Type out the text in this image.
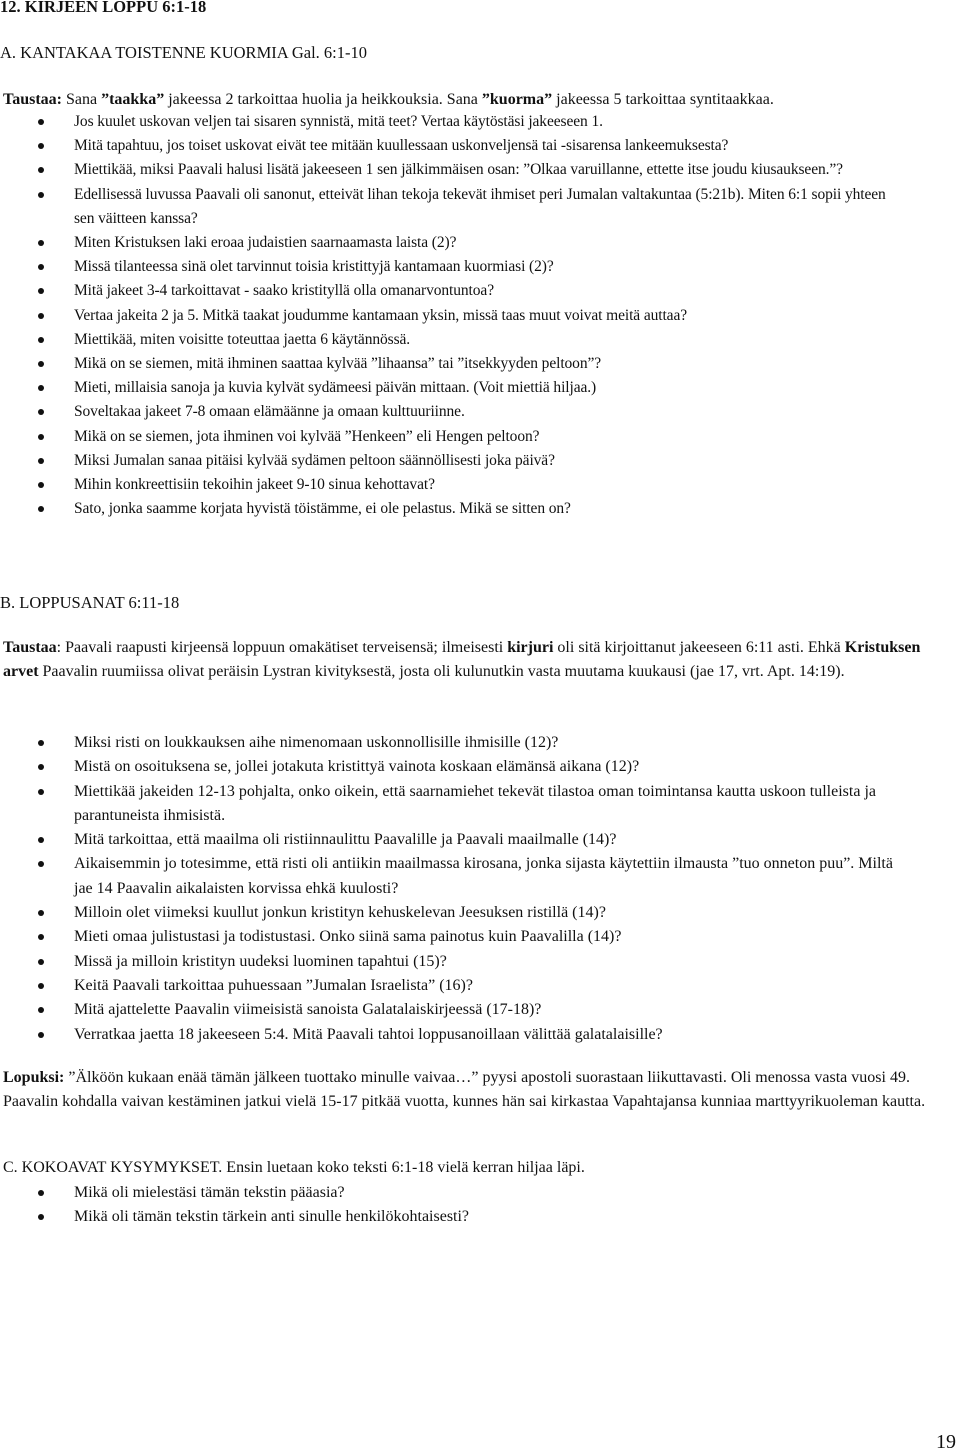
12. KIRJEEN LOPPU 6:1-18
A. KANTAKAA TOISTENNE KUORMIA Gal. 6:1-10

Taustaa: Sana ”taakka” jakeessa 2 tarkoittaa huolia ja heikkouksia. Sana ”kuorma” jakeessa 5 tarkoittaa syntitaakkaa.

Jos kuulet uskovan veljen tai sisaren synnistä, mitä teet? Vertaa käytöstäsi jakeeseen 1.
Mitä tapahtuu, jos toiset uskovat eivät tee mitään kuullessaan uskonveljensä tai -sisarensa lankeemuksesta?
Miettikää, miksi Paavali halusi lisätä jakeeseen 1 sen jälkimmäisen osan: ”Olkaa varuillanne, ettette itse joudu kiusaukseen.”?
Edellisessä luvussa Paavali oli sanonut, etteivät lihan tekoja tekevät ihmiset peri Jumalan valtakuntaa (5:21b). Miten 6:1 sopii yhteen sen väitteen kanssa?
Miten Kristuksen laki eroaa judaistien saarnaamasta laista (2)?
Missä tilanteessa sinä olet tarvinnut toisia kristittyjä kantamaan kuormiasi (2)?
Mitä jakeet 3-4 tarkoittavat - saako kristityllä olla omanarvontuntoa?
Vertaa jakeita 2 ja 5. Mitkä taakat joudumme kantamaan yksin, missä taas muut voivat meitä auttaa?
Miettikää, miten voisitte toteuttaa jaetta 6 käytännössä.
Mikä on se siemen, mitä ihminen saattaa kylvää ”lihaansa” tai ”itsekkyyden peltoon”?
Mieti, millaisia sanoja ja kuvia kylvät sydämeesi päivän mittaan. (Voit miettiä hiljaa.)
Soveltakaa jakeet 7-8 omaan elämäänne ja omaan kulttuuriinne.
Mikä on se siemen, jota ihminen voi kylvää ”Henkeen” eli Hengen peltoon?
Miksi Jumalan sanaa pitäisi kylvää sydämen peltoon säännöllisesti joka päivä?
Mihin konkreettisiin tekoihin jakeet 9-10 sinua kehottavat?
Sato, jonka saamme korjata hyvistä töistämme, ei ole pelastus. Mikä se sitten on?
B. LOPPUSANAT 6:11-18

Taustaa: Paavali raapusti kirjeensä loppuun omakätiset terveisensä; ilmeisesti kirjuri oli sitä kirjoittanut jakeeseen 6:11 asti. Ehkä Kristuksen arvet Paavalin ruumiissa olivat peräisin Lystran kivityksestä, josta oli kulunutkin vasta muutama kuukausi (jae 17, vrt. Apt. 14:19).

Miksi risti on loukkauksen aihe nimenomaan uskonnollisille ihmisille (12)?
Mistä on osoituksena se, jollei jotakuta kristittyä vainota koskaan elämänsä aikana (12)?
Miettikää jakeiden 12-13 pohjalta, onko oikein, että saarnamiehet tekevät tilastoa oman toimintansa kautta uskoon tulleista ja parantuneista ihmisistä.
Mitä tarkoittaa, että maailma oli ristiinnaulittu Paavalille ja Paavali maailmalle (14)?
Aikaisemmin jo totesimme, että risti oli antiikin maailmassa kirosana, jonka sijasta käytettiin ilmausta ”tuo onneton puu”. Miltä jae 14 Paavalin aikalaisten korvissa ehkä kuulosti?
Milloin olet viimeksi kuullut jonkun kristityn kehuskelevan Jeesuksen ristillä (14)?
Mieti omaa julistustasi ja todistustasi. Onko siinä sama painotus kuin Paavalilla (14)?
Missä ja milloin kristityn uudeksi luominen tapahtui (15)?
Keitä Paavali tarkoittaa puhuessaan ”Jumalan Israelista” (16)?
Mitä ajattelette Paavalin viimeisistä sanoista Galatalaiskirjeessä (17-18)?
Verratkaa jaetta 18 jakeeseen 5:4. Mitä Paavali tahtoi loppusanoillaan välittää galatalaisille?

Lopuksi: ”Älköön kukaan enää tämän jälkeen tuottako minulle vaivaa…” pyysi apostoli suorastaan liikuttavasti. Oli menossa vasta vuosi 49. Paavalin kohdalla vaivan kestäminen jatkui vielä 15-17 pitkää vuotta, kunnes hän sai kirkastaa Vapahtajansa kunniaa marttyyrikuoleman kautta.

C. KOKOAVAT KYSYMYKSET. Ensin luetaan koko teksti 6:1-18 vielä kerran hiljaa läpi.
Mikä oli mielestäsi tämän tekstin pääasia?
Mikä oli tämän tekstin tärkein anti sinulle henkilökohtaisesti?
19
